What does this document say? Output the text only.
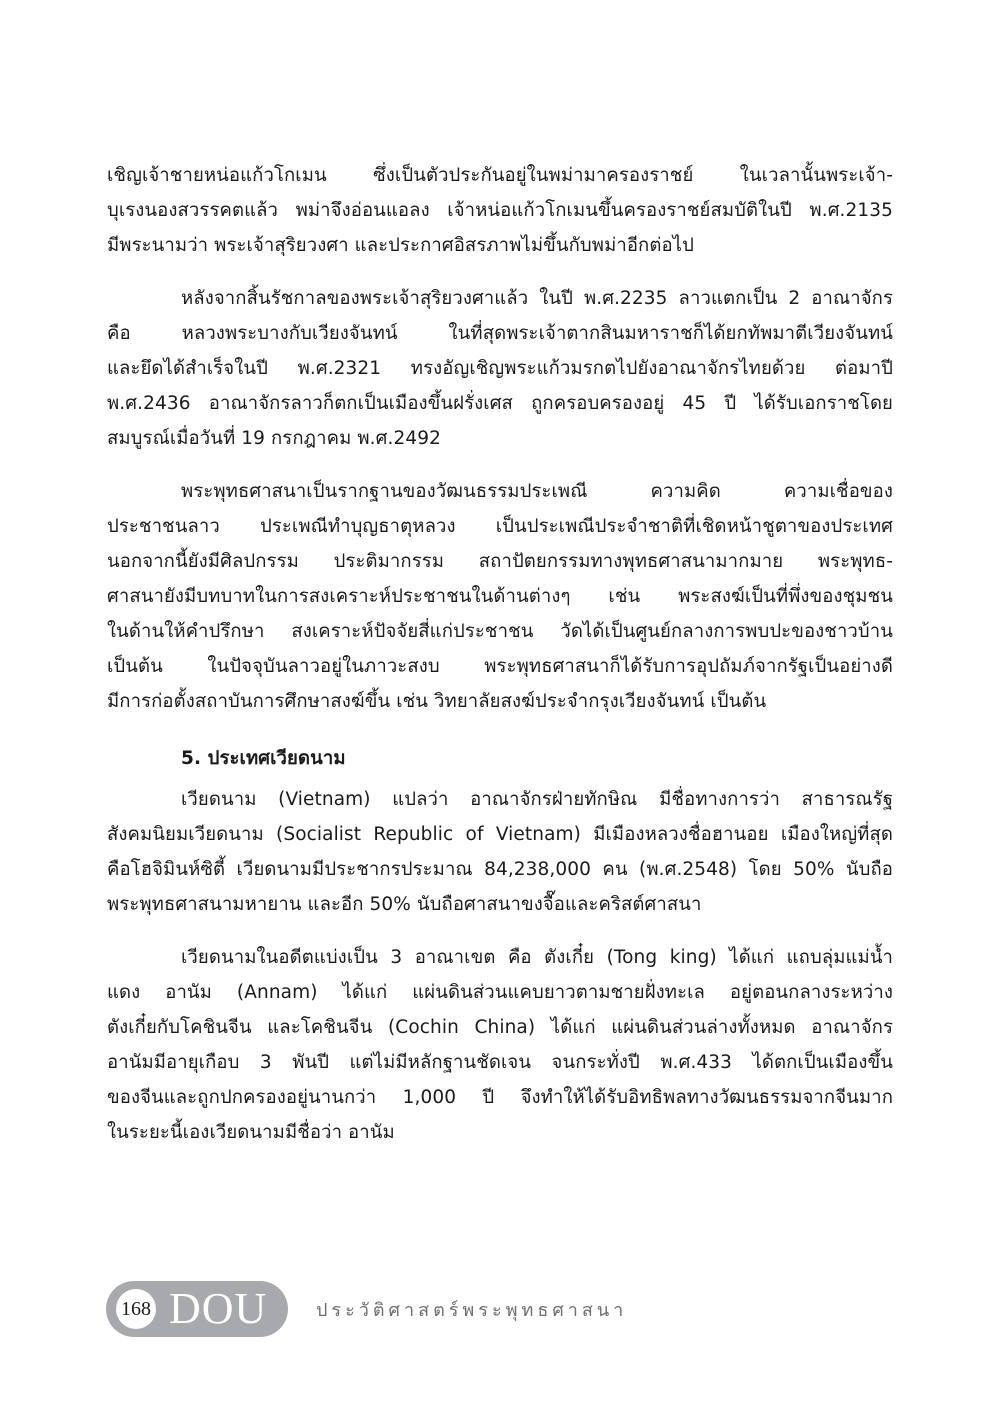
เชิญเจ้าชายหน่อแก้วโกเมน ซึ่งเป็นตัวประกันอยู่ในพม่ามาครองราชย์ ในเวลานั้นพระเจ้า-
บุเรงนองสวรรคตแล้ว พม่าจึงอ่อนแอลง เจ้าหน่อแก้วโกเมนขึ้นครองราชย์สมบัติในปี พ.ศ.2135
มีพระนามว่า พระเจ้าสุริยวงศา และประกาศอิสรภาพไม่ขึ้นกับพม่าอีกต่อไป
หลังจากสิ้นรัชกาลของพระเจ้าสุริยวงศาแล้ว ในปี พ.ศ.2235 ลาวแตกเป็น 2 อาณาจักร
คือ หลวงพระบางกับเวียงจันทน์ ในที่สุดพระเจ้าตากสินมหาราชก็ได้ยกทัพมาตีเวียงจันทน์
และยึดได้สำเร็จในปี พ.ศ.2321 ทรงอัญเชิญพระแก้วมรกตไปยังอาณาจักรไทยด้วย ต่อมาปี
พ.ศ.2436 อาณาจักรลาวก็ตกเป็นเมืองขึ้นฝรั่งเศส ถูกครอบครองอยู่ 45 ปี ได้รับเอกราชโดย
สมบูรณ์เมื่อวันที่ 19 กรกฎาคม พ.ศ.2492
พระพุทธศาสนาเป็นรากฐานของวัฒนธรรมประเพณี ความคิด ความเชื่อของ
ประชาชนลาว ประเพณีทำบุญธาตุหลวง เป็นประเพณีประจำชาติที่เชิดหน้าชูตาของประเทศ
นอกจากนี้ยังมีศิลปกรรม ประติมากรรม สถาปัตยกรรมทางพุทธศาสนามากมาย พระพุทธ-
ศาสนายังมีบทบาทในการสงเคราะห์ประชาชนในด้านต่างๆ เช่น พระสงฆ์เป็นที่พึ่งของชุมชน
ในด้านให้คำปรึกษา สงเคราะห์ปัจจัยสี่แก่ประชาชน วัดได้เป็นศูนย์กลางการพบปะของชาวบ้าน
เป็นต้น ในปัจจุบันลาวอยู่ในภาวะสงบ พระพุทธศาสนาก็ได้รับการอุปถัมภ์จากรัฐเป็นอย่างดี
มีการก่อตั้งสถาบันการศึกษาสงฆ์ขึ้น เช่น วิทยาลัยสงฆ์ประจำกรุงเวียงจันทน์ เป็นต้น
5. ประเทศเวียดนาม
เวียดนาม (Vietnam) แปลว่า อาณาจักรฝ่ายทักษิณ มีชื่อทางการว่า สาธารณรัฐ
สังคมนิยมเวียดนาม (Socialist Republic of Vietnam) มีเมืองหลวงชื่อฮานอย เมืองใหญ่ที่สุด
คือโฮจิมินห์ซิตี้ เวียดนามมีประชากรประมาณ 84,238,000 คน (พ.ศ.2548) โดย 50% นับถือ
พระพุทธศาสนามหายาน และอีก 50% นับถือศาสนาขงจื๊อและคริสต์ศาสนา
เวียดนามในอดีตแบ่งเป็น 3 อาณาเขต คือ ตังเกี๋ย (Tong king) ได้แก่ แถบลุ่มแม่น้ำ
แดง อานัม (Annam) ได้แก่ แผ่นดินส่วนแคบยาวตามชายฝั่งทะเล อยู่ตอนกลางระหว่าง
ตังเกี๋ยกับโคชินจีน และโคชินจีน (Cochin China) ได้แก่ แผ่นดินส่วนล่างทั้งหมด อาณาจักร
อานัมมีอายุเกือบ 3 พันปี แต่ไม่มีหลักฐานชัดเจน จนกระทั่งปี พ.ศ.433 ได้ตกเป็นเมืองขึ้น
ของจีนและถูกปกครองอยู่นานกว่า 1,000 ปี จึงทำให้ได้รับอิทธิพลทางวัฒนธรรมจากจีนมาก
ในระยะนี้เองเวียดนามมีชื่อว่า อานัม
168 DOU	ประวัติศาสตร์พระพุทธศาสนา
